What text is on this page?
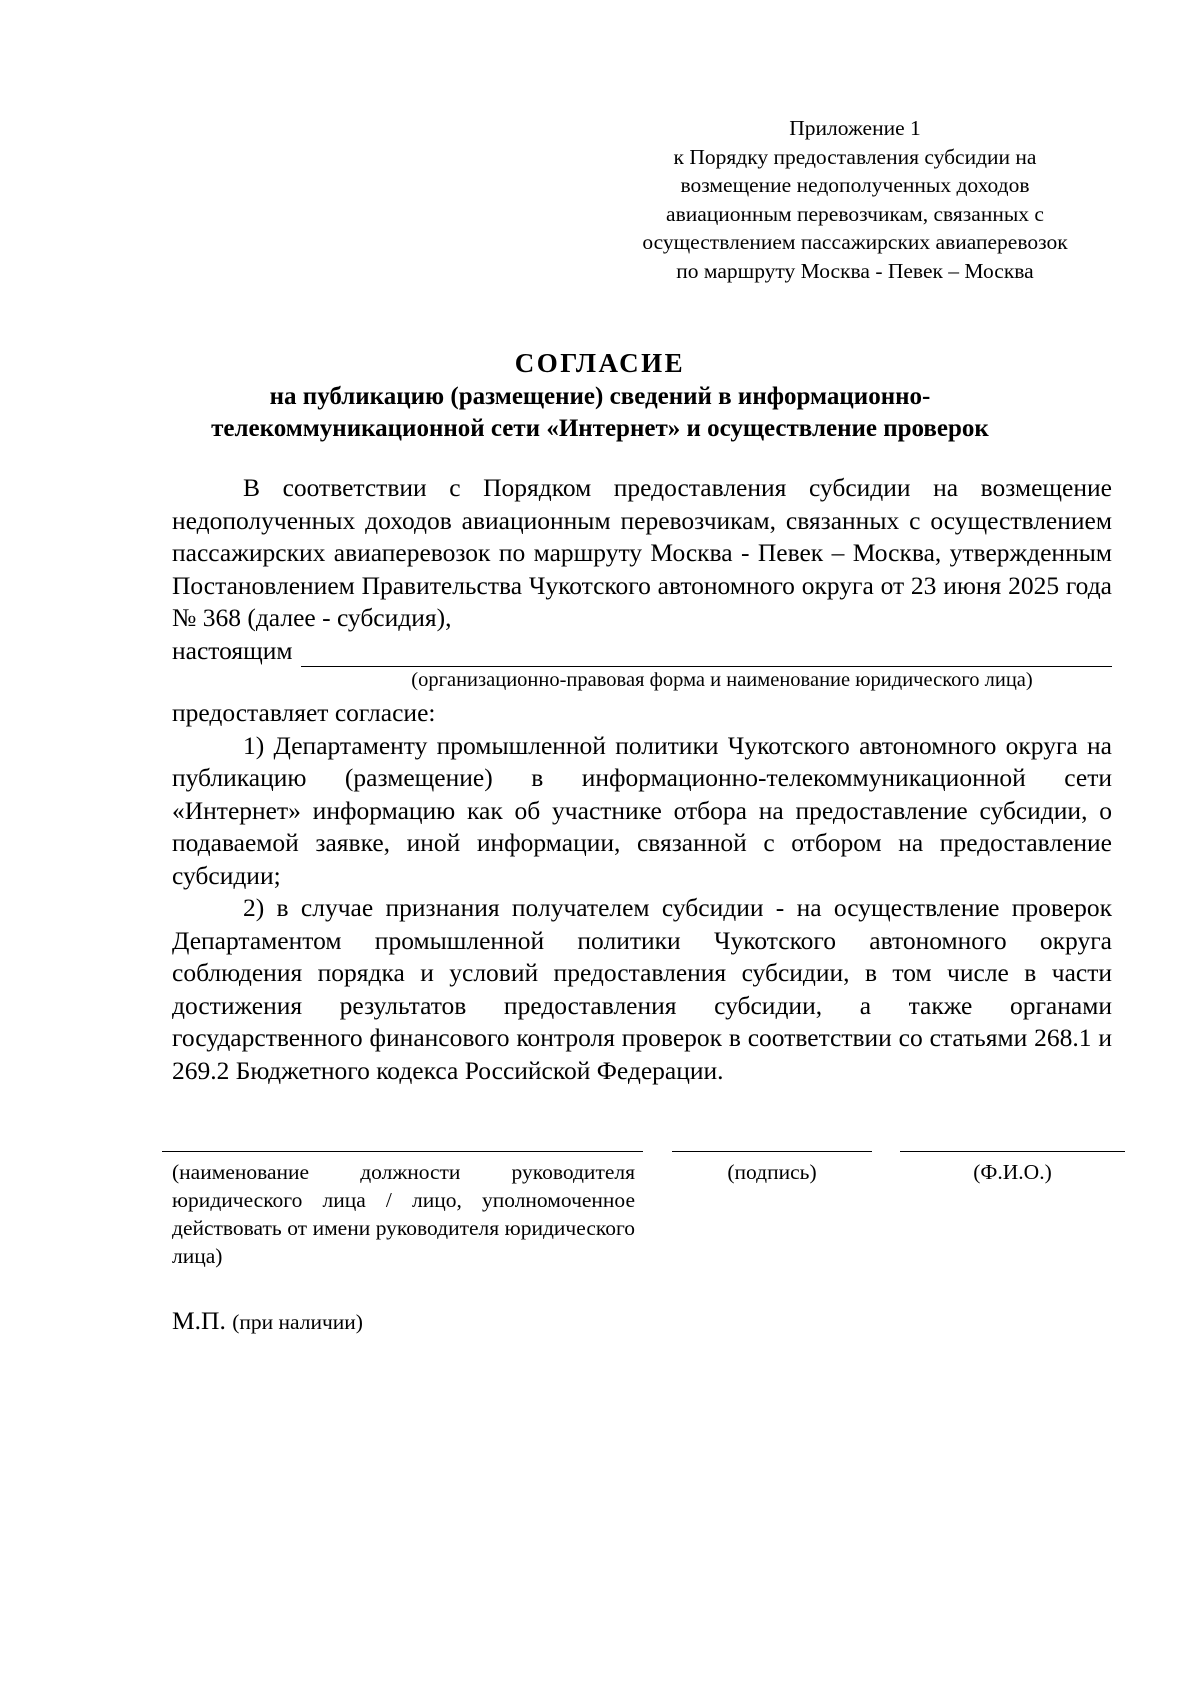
Приложение 1
к Порядку предоставления субсидии на
возмещение недополученных доходов
авиационным перевозчикам, связанных с
осуществлением пассажирских авиаперевозок
по маршруту Москва - Певек – Москва
СОГЛАСИЕ
на публикацию (размещение) сведений в информационно-
телекоммуникационной сети «Интернет» и осуществление проверок

В соответствии с Порядком предоставления субсидии на возмещение недополученных доходов авиационным перевозчикам, связанных с осуществлением пассажирских авиаперевозок по маршруту Москва - Певек – Москва, утвержденным Постановлением Правительства Чукотского автономного округа от 23 июня 2025 года № 368 (далее - субсидия),

настоящим
(организационно-правовая форма и наименование юридического лица)

предоставляет согласие:

1) Департаменту промышленной политики Чукотского автономного округа на публикацию (размещение) в информационно-телекоммуникационной сети «Интернет» информацию как об участнике отбора на предоставление субсидии, о подаваемой заявке, иной информации, связанной с отбором на предоставление субсидии;

2) в случае признания получателем субсидии - на осуществление проверок Департаментом промышленной политики Чукотского автономного округа соблюдения порядка и условий предоставления субсидии, в том числе в части достижения результатов предоставления субсидии, а также органами государственного финансового контроля проверок в соответствии со статьями 268.1 и 269.2 Бюджетного кодекса Российской Федерации.

(наименование должности руководителя юридического лица / лицо, уполномоченное действовать от имени руководителя юридического лица)
(подпись)	(Ф.И.О.)
М.П. (при наличии)
